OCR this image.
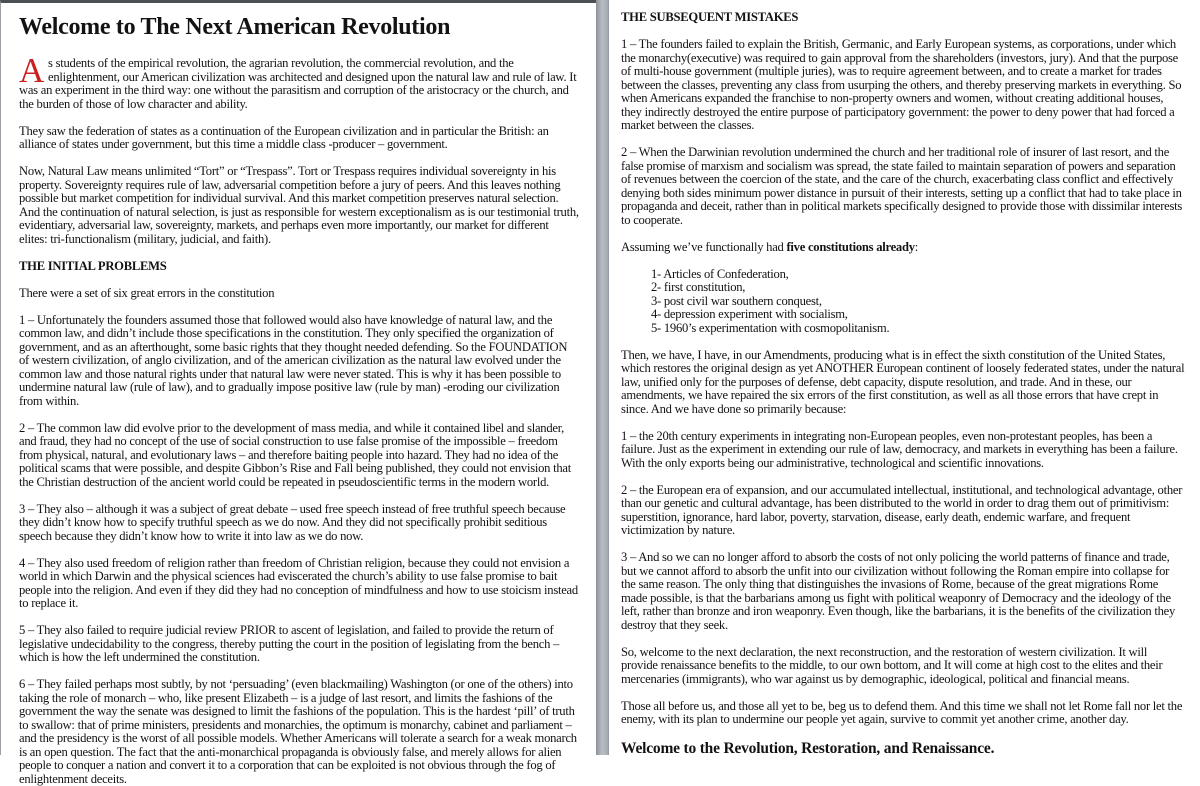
Welcome to The Next American Revolution

As students of the empirical revolution, the agrarian revolution, the commercial revolution, and the enlightenment, our American civilization was architected and designed upon the natural law and rule of law. It was an experiment in the third way: one without the parasitism and corruption of the aristocracy or the church, and the burden of those of low character and ability.

They saw the federation of states as a continuation of the European civilization and in particular the British: an alliance of states under government, but this time a middle class -producer – government.

Now, Natural Law means unlimited “Tort” or “Trespass”. Tort or Trespass requires individual sovereignty in his property. Sovereignty requires rule of law, adversarial competition before a jury of peers. And this leaves nothing possible but market competition for individual survival. And this market competition preserves natural selection. And the continuation of natural selection, is just as responsible for western exceptionalism as is our testimonial truth, evidentiary, adversarial law, sovereignty, markets, and perhaps even more importantly, our market for different elites: tri-functionalism (military, judicial, and faith).

THE INITIAL PROBLEMS

There were a set of six great errors in the constitution

1 – Unfortunately the founders assumed those that followed would also have knowledge of natural law, and the common law, and didn’t include those specifications in the constitution. They only specified the organization of government, and as an afterthought, some basic rights that they thought needed defending. So the FOUNDATION of western civilization, of anglo civilization, and of the american civilization as the natural law evolved under the common law and those natural rights under that natural law were never stated. This is why it has been possible to undermine natural law (rule of law), and to gradually impose positive law (rule by man) -eroding our civilization from within.

2 – The common law did evolve prior to the development of mass media, and while it contained libel and slander, and fraud, they had no concept of the use of social construction to use false promise of the impossible – freedom from physical, natural, and evolutionary laws – and therefore baiting people into hazard. They had no idea of the political scams that were possible, and despite Gibbon’s Rise and Fall being published, they could not envision that the Christian destruction of the ancient world could be repeated in pseudoscientific terms in the modern world.

3 – They also – although it was a subject of great debate – used free speech instead of free truthful speech because they didn’t know how to specify truthful speech as we do now. And they did not specifically prohibit seditious speech because they didn’t know how to write it into law as we do now.

4 – They also used freedom of religion rather than freedom of Christian religion, because they could not envision a world in which Darwin and the physical sciences had eviscerated the church’s ability to use false promise to bait people into the religion. And even if they did they had no conception of mindfulness and how to use stoicism instead to replace it.

5 – They also failed to require judicial review PRIOR to ascent of legislation, and failed to provide the return of legislative undecidability to the congress, thereby putting the court in the position of legislating from the bench – which is how the left undermined the constitution.

6 – They failed perhaps most subtly, by not ‘persuading’ (even blackmailing) Washington (or one of the others) into taking the role of monarch – who, like present Elizabeth – is a judge of last resort, and limits the fashions of the government the way the senate was designed to limit the fashions of the population. This is the hardest ‘pill’ of truth to swallow: that of prime ministers, presidents and monarchies, the optimum is monarchy, cabinet and parliament – and the presidency is the worst of all possible models. Whether Americans will tolerate a search for a weak monarch is an open question. The fact that the anti-monarchical propaganda is obviously false, and merely allows for alien people to conquer a nation and convert it to a corporation that can be exploited is not obvious through the fog of enlightenment deceits.

THE SUBSEQUENT MISTAKES

1 – The founders failed to explain the British, Germanic, and Early European systems, as corporations, under which the monarchy(executive) was required to gain approval from the shareholders (investors, jury). And that the purpose of multi-house government (multiple juries), was to require agreement between, and to create a market for trades between the classes, preventing any class from usurping the others, and thereby preserving markets in everything. So when Americans expanded the franchise to non-property owners and women, without creating additional houses, they indirectly destroyed the entire purpose of participatory government: the power to deny power that had forced a market between the classes.

2 – When the Darwinian revolution undermined the church and her traditional role of insurer of last resort, and the false promise of marxism and socialism was spread, the state failed to maintain separation of powers and separation of revenues between the coercion of the state, and the care of the church, exacerbating class conflict and effectively denying both sides minimum power distance in pursuit of their interests, setting up a conflict that had to take place in propaganda and deceit, rather than in political markets specifically designed to provide those with dissimilar interests to cooperate.

Assuming we’ve functionally had five constitutions already:

1- Articles of Confederation,
2- first constitution,
3- post civil war southern conquest,
4- depression experiment with socialism,
5- 1960’s experimentation with cosmopolitanism.

Then, we have, I have, in our Amendments, producing what is in effect the sixth constitution of the United States, which restores the original design as yet ANOTHER European continent of loosely federated states, under the natural law, unified only for the purposes of defense, debt capacity, dispute resolution, and trade. And in these, our amendments, we have repaired the six errors of the first constitution, as well as all those errors that have crept in since. And we have done so primarily because:

1 – the 20th century experiments in integrating non-European peoples, even non-protestant peoples, has been a failure. Just as the experiment in extending our rule of law, democracy, and markets in everything has been a failure. With the only exports being our administrative, technological and scientific innovations.

2 – the European era of expansion, and our accumulated intellectual, institutional, and technological advantage, other than our genetic and cultural advantage, has been distributed to the world in order to drag them out of primitivism: superstition, ignorance, hard labor, poverty, starvation, disease, early death, endemic warfare, and frequent victimization by nature.

3 – And so we can no longer afford to absorb the costs of not only policing the world patterns of finance and trade, but we cannot afford to absorb the unfit into our civilization without following the Roman empire into collapse for the same reason. The only thing that distinguishes the invasions of Rome, because of the great migrations Rome made possible, is that the barbarians among us fight with political weaponry of Democracy and the ideology of the left, rather than bronze and iron weaponry. Even though, like the barbarians, it is the benefits of the civilization they destroy that they seek.

So, welcome to the next declaration, the next reconstruction, and the restoration of western civilization. It will provide renaissance benefits to the middle, to our own bottom, and It will come at high cost to the elites and their mercenaries (immigrants), who war against us by demographic, ideological, political and financial means.

Those all before us, and those all yet to be, beg us to defend them. And this time we shall not let Rome fall nor let the enemy, with its plan to undermine our people yet again, survive to commit yet another crime, another day.

Welcome to the Revolution, Restoration, and Renaissance.
